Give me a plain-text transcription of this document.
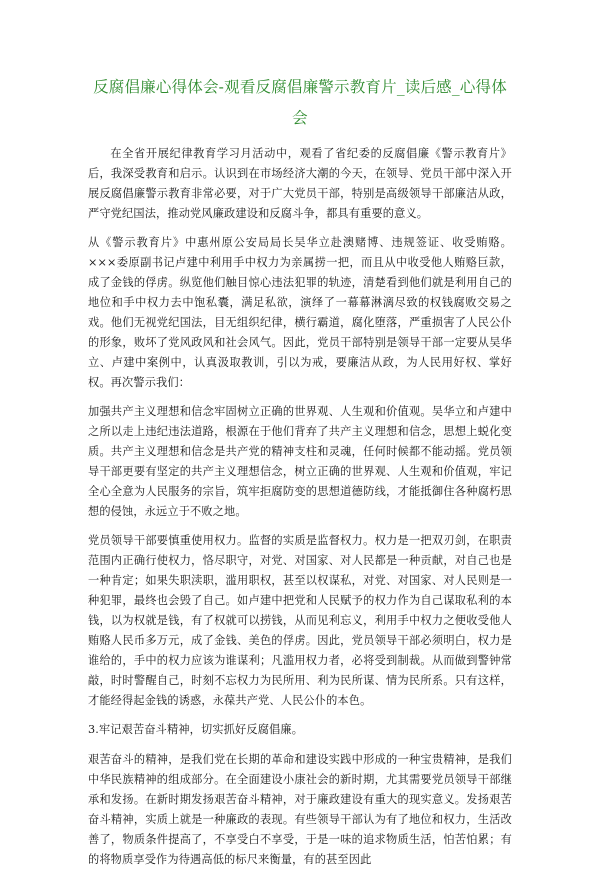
反腐倡廉心得体会-观看反腐倡廉警示教育片_读后感_心得体会

在全省开展纪律教育学习月活动中，观看了省纪委的反腐倡廉《警示教育片》后，我深受教育和启示。认识到在市场经济大潮的今天，在领导、党员干部中深入开展反腐倡廉警示教育非常必要，对于广大党员干部，特别是高级领导干部廉洁从政，严守党纪国法，推动党风廉政建设和反腐斗争，都具有重要的意义。

从《警示教育片》中惠州原公安局局长吴华立赴澳赌博、违规签证、收受贿赂。×××委原副书记卢建中利用手中权力为亲属捞一把，而且从中收受他人贿赂巨款，成了金钱的俘虏。纵览他们触目惊心违法犯罪的轨迹，清楚看到他们就是利用自己的地位和手中权力去中饱私囊，满足私欲，演绎了一幕幕淋漓尽致的权钱腐败交易之戏。他们无视党纪国法，目无组织纪律，横行霸道，腐化堕落，严重损害了人民公仆的形象，败坏了党风政风和社会风气。因此，党员干部特别是领导干部一定要从吴华立、卢建中案例中，认真汲取教训，引以为戒，要廉洁从政，为人民用好权、掌好权。再次警示我们：

加强共产主义理想和信念牢固树立正确的世界观、人生观和价值观。吴华立和卢建中之所以走上违纪违法道路，根源在于他们背弃了共产主义理想和信念，思想上蜕化变质。共产主义理想和信念是共产党的精神支柱和灵魂，任何时候都不能动摇。党员领导干部更要有坚定的共产主义理想信念，树立正确的世界观、人生观和价值观，牢记全心全意为人民服务的宗旨，筑牢拒腐防变的思想道德防线，才能抵御住各种腐朽思想的侵蚀，永远立于不败之地。

党员领导干部要慎重使用权力。监督的实质是监督权力。权力是一把双刃剑，在职责范围内正确行使权力，恪尽职守，对党、对国家、对人民都是一种贡献，对自己也是一种肯定；如果失职渎职，滥用职权，甚至以权谋私，对党、对国家、对人民则是一种犯罪，最终也会毁了自己。如卢建中把党和人民赋予的权力作为自己谋取私利的本钱，以为权就是钱，有了权就可以捞钱，从而见利忘义，利用手中权力之便收受他人贿赂人民币多万元，成了金钱、美色的俘虏。因此，党员领导干部必须明白，权力是谁给的，手中的权力应该为谁谋利；凡滥用权力者，必将受到制裁。从而做到警钟常敲，时时警醒自己，时刻不忘权力为民所用、利为民所谋、情为民所系。只有这样，才能经得起金钱的诱惑，永葆共产党、人民公仆的本色。

3.牢记艰苦奋斗精神，切实抓好反腐倡廉。

艰苦奋斗的精神，是我们党在长期的革命和建设实践中形成的一种宝贵精神，是我们中华民族精神的组成部分。在全面建设小康社会的新时期，尤其需要党员领导干部继承和发扬。在新时期发扬艰苦奋斗精神，对于廉政建设有重大的现实意义。发扬艰苦奋斗精神，实质上就是一种廉政的表现。有些领导干部认为有了地位和权力，生活改善了，物质条件提高了，不享受白不享受，于是一味的追求物质生活，怕苦怕累；有的将物质享受作为待遇高低的标尺来衡量，有的甚至因此
